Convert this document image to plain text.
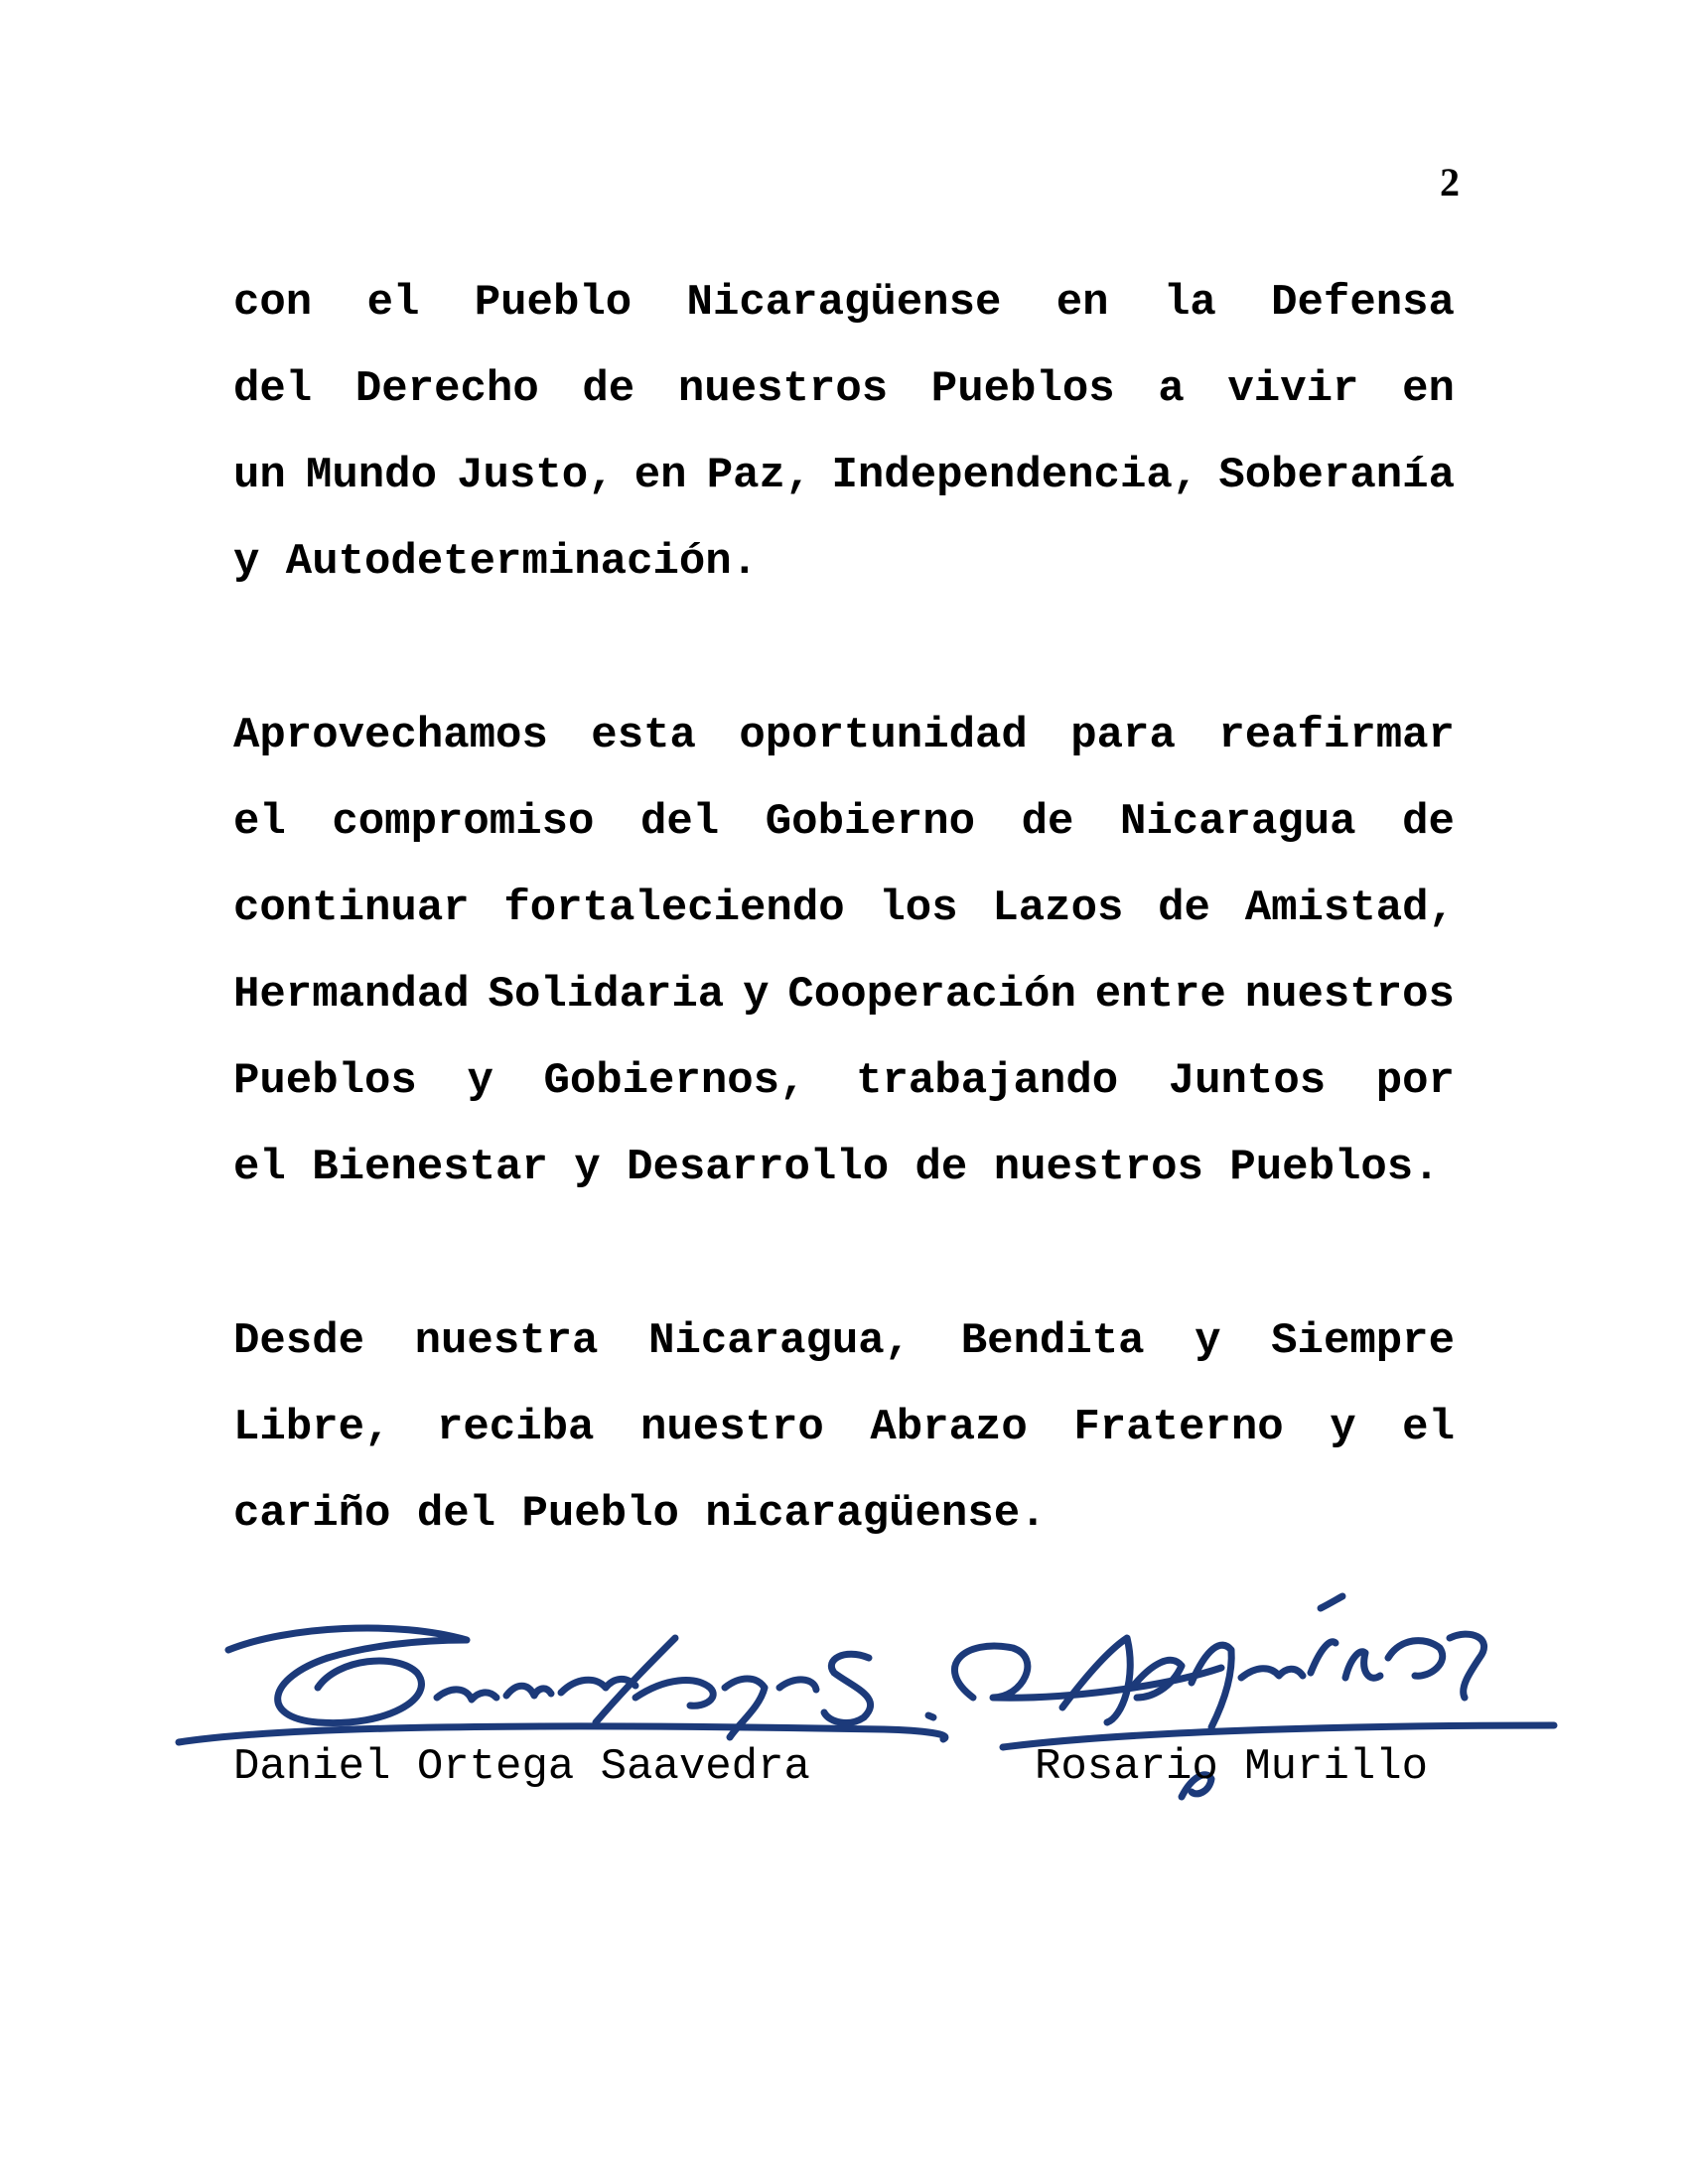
2
con el Pueblo Nicaragüense en la Defensa
del Derecho de nuestros Pueblos a vivir en
un Mundo Justo, en Paz, Independencia, Soberanía
y Autodeterminación.
Aprovechamos esta oportunidad para reafirmar
el compromiso del Gobierno de Nicaragua de
continuar fortaleciendo los Lazos de Amistad,
Hermandad Solidaria y Cooperación entre nuestros
Pueblos y Gobiernos, trabajando Juntos por
el Bienestar y Desarrollo de nuestros Pueblos.
Desde nuestra Nicaragua, Bendita y Siempre
Libre, reciba nuestro Abrazo Fraterno y el
cariño del Pueblo nicaragüense.
Daniel Ortega Saavedra	Rosario Murillo
